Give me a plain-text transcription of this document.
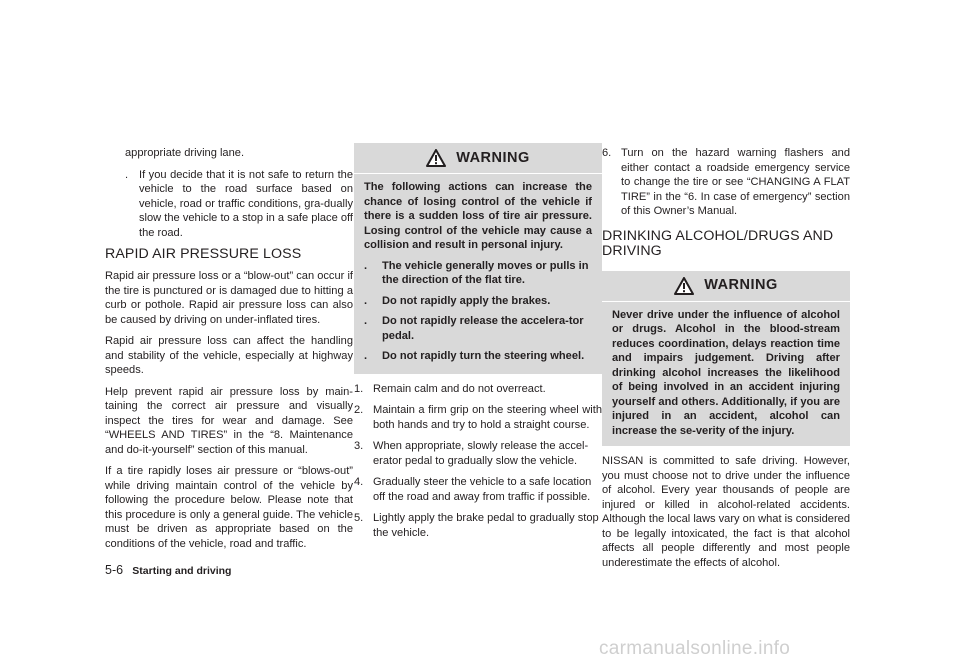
appropriate driving lane.

. If you decide that it is not safe to return the vehicle to the road surface based on vehicle, road or traffic conditions, gra-dually slow the vehicle to a stop in a safe place off the road.
RAPID AIR PRESSURE LOSS

Rapid air pressure loss or a “blow-out” can occur if the tire is punctured or is damaged due to hitting a curb or pothole. Rapid air pressure loss can also be caused by driving on under-inflated tires.

Rapid air pressure loss can affect the handling and stability of the vehicle, especially at highway speeds.

Help prevent rapid air pressure loss by main-taining the correct air pressure and visually inspect the tires for wear and damage. See “WHEELS AND TIRES” in the “8. Maintenance and do-it-yourself” section of this manual.

If a tire rapidly loses air pressure or “blows-out” while driving maintain control of the vehicle by following the procedure below. Please note that this procedure is only a general guide. The vehicle must be driven as appropriate based on the conditions of the vehicle, road and traffic.

WARNING

The following actions can increase the chance of losing control of the vehicle if there is a sudden loss of tire air pressure. Losing control of the vehicle may cause a collision and result in personal injury.

.	The vehicle generally moves or pulls in the direction of the flat tire.
.	Do not rapidly apply the brakes.
.	Do not rapidly release the accelera-tor pedal.
.	Do not rapidly turn the steering wheel.
1. Remain calm and do not overreact.
2. Maintain a firm grip on the steering wheel with both hands and try to hold a straight course.
3. When appropriate, slowly release the accel-erator pedal to gradually slow the vehicle.
4. Gradually steer the vehicle to a safe location off the road and away from traffic if possible.
5. Lightly apply the brake pedal to gradually stop the vehicle.
6. Turn on the hazard warning flashers and either contact a roadside emergency service to change the tire or see “CHANGING A FLAT TIRE” in the “6. In case of emergency” section of this Owner’s Manual.
DRINKING ALCOHOL/DRUGS AND DRIVING
WARNING

Never drive under the influence of alcohol or drugs. Alcohol in the blood-stream reduces coordination, delays reaction time and impairs judgement. Driving after drinking alcohol increases the likelihood of being involved in an accident injuring yourself and others. Additionally, if you are injured in an accident, alcohol can increase the se-verity of the injury.

NISSAN is committed to safe driving. However, you must choose not to drive under the influence of alcohol. Every year thousands of people are injured or killed in alcohol-related accidents. Although the local laws vary on what is considered to be legally intoxicated, the fact is that alcohol affects all people differently and most people underestimate the effects of alcohol.

5-6 Starting and driving
carmanualsonline.info
